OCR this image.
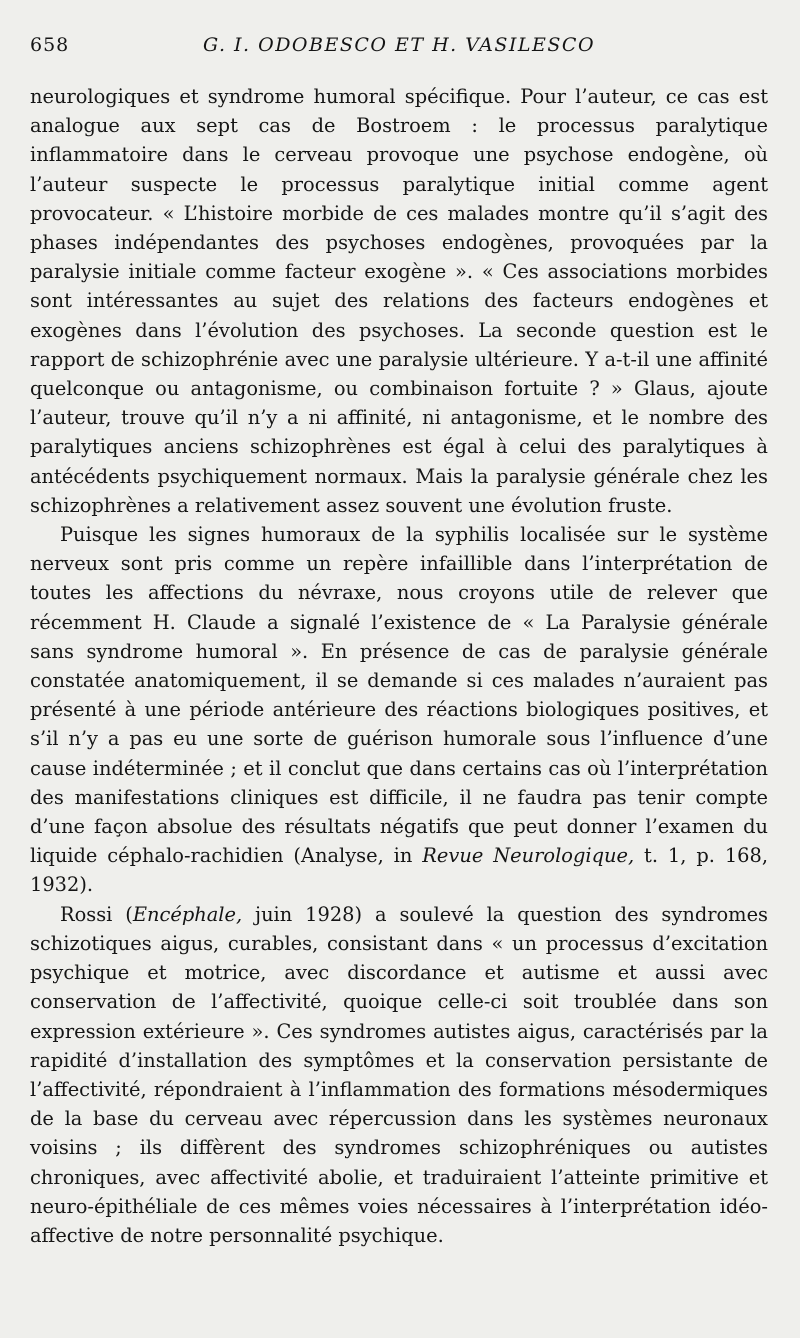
658	G. I. ODOBESCO ET H. VASILESCO

neurologiques et syndrome humoral spécifique. Pour l’auteur, ce cas est analogue aux sept cas de Bostroem : le processus paralytique inflammatoire dans le cerveau provoque une psychose endogène, où l’auteur suspecte le processus paralytique initial comme agent provocateur. « L’histoire morbide de ces malades montre qu’il s’agit des phases indépendantes des psychoses endogènes, provoquées par la paralysie initiale comme facteur exogène ». « Ces associations morbides sont intéressantes au sujet des relations des facteurs endogènes et exogènes dans l’évolution des psychoses. La seconde question est le rapport de schizophrénie avec une paralysie ultérieure. Y a-t-il une affinité quelconque ou antagonisme, ou combinaison fortuite ? » Glaus, ajoute l’auteur, trouve qu’il n’y a ni affinité, ni antagonisme, et le nombre des paralytiques anciens schizophrènes est égal à celui des paralytiques à antécédents psychiquement normaux. Mais la paralysie générale chez les schizophrènes a relativement assez souvent une évolution fruste.

Puisque les signes humoraux de la syphilis localisée sur le système nerveux sont pris comme un repère infaillible dans l’interprétation de toutes les affections du névraxe, nous croyons utile de relever que récemment H. Claude a signalé l’existence de « La Paralysie générale sans syndrome humoral ». En présence de cas de paralysie générale constatée anatomiquement, il se demande si ces malades n’auraient pas présenté à une période antérieure des réactions biologiques positives, et s’il n’y a pas eu une sorte de guérison humorale sous l’influence d’une cause indéterminée ; et il conclut que dans certains cas où l’interprétation des manifestations cliniques est difficile, il ne faudra pas tenir compte d’une façon absolue des résultats négatifs que peut donner l’examen du liquide céphalo-rachidien (Analyse, in Revue Neurologique, t. 1, p. 168, 1932).

Rossi (Encéphale, juin 1928) a soulevé la question des syndromes schizotiques aigus, curables, consistant dans « un processus d’excitation psychique et motrice, avec discordance et autisme et aussi avec conservation de l’affectivité, quoique celle-ci soit troublée dans son expression extérieure ». Ces syndromes autistes aigus, caractérisés par la rapidité d’installation des symptômes et la conservation persistante de l’affectivité, répondraient à l’inflammation des formations mésodermiques de la base du cerveau avec répercussion dans les systèmes neuronaux voisins ; ils diffèrent des syndromes schizophréniques ou autistes chroniques, avec affectivité abolie, et traduiraient l’atteinte primitive et neuro-épithéliale de ces mêmes voies nécessaires à l’interprétation idéo-affective de notre personnalité psychique.
